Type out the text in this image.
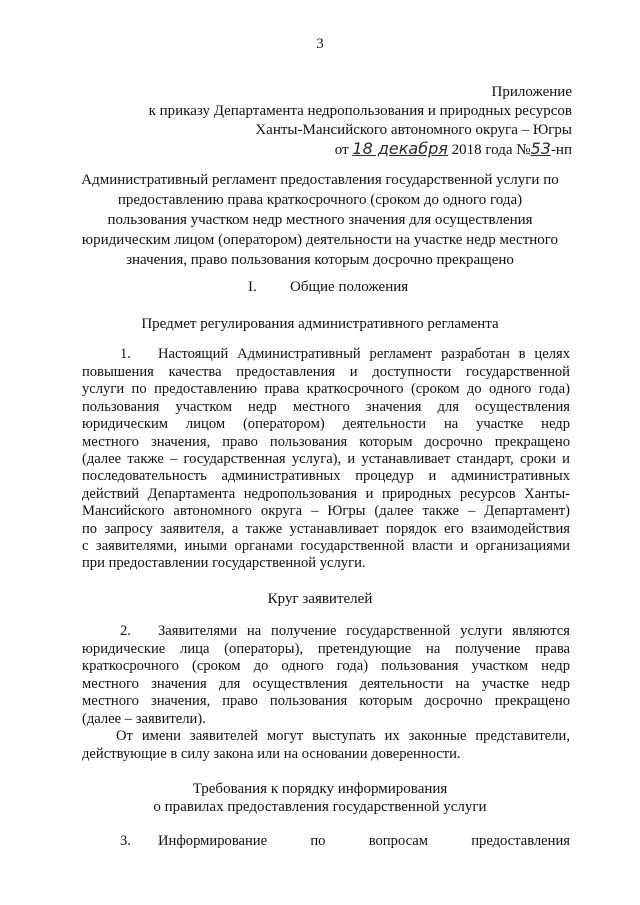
3
Приложение
к приказу Департамента недропользования и природных ресурсов
Ханты-Мансийского автономного округа – Югры
от 18 декабря 2018 года №53-нп
Административный регламент предоставления государственной услуги по
предоставлению права краткосрочного (сроком до одного года)
пользования участком недр местного значения для осуществления
юридическим лицом (оператором) деятельности на участке недр местного
значения, право пользования которым досрочно прекращено
I. Общие положения
Предмет регулирования административного регламента
1. Настоящий Административный регламент разработан в целях
повышения качества предоставления и доступности государственной
услуги по предоставлению права краткосрочного (сроком до одного года)
пользования участком недр местного значения для осуществления
юридическим лицом (оператором) деятельности на участке недр
местного значения, право пользования которым досрочно прекращено
(далее также – государственная услуга), и устанавливает стандарт, сроки и
последовательность административных процедур и административных
действий Департамента недропользования и природных ресурсов Ханты-
Мансийского автономного округа – Югры (далее также – Департамент)
по запросу заявителя, а также устанавливает порядок его взаимодействия
с заявителями, иными органами государственной власти и организациями
при предоставлении государственной услуги.
Круг заявителей
2. Заявителями на получение государственной услуги являются
юридические лица (операторы), претендующие на получение права
краткосрочного (сроком до одного года) пользования участком недр
местного значения для осуществления деятельности на участке недр
местного значения, право пользования которым досрочно прекращено
(далее – заявители).
От имени заявителей могут выступать их законные представители,
действующие в силу закона или на основании доверенности.
Требования к порядку информирования
о правилах предоставления государственной услуги
3. Информирование по вопросам предоставления
